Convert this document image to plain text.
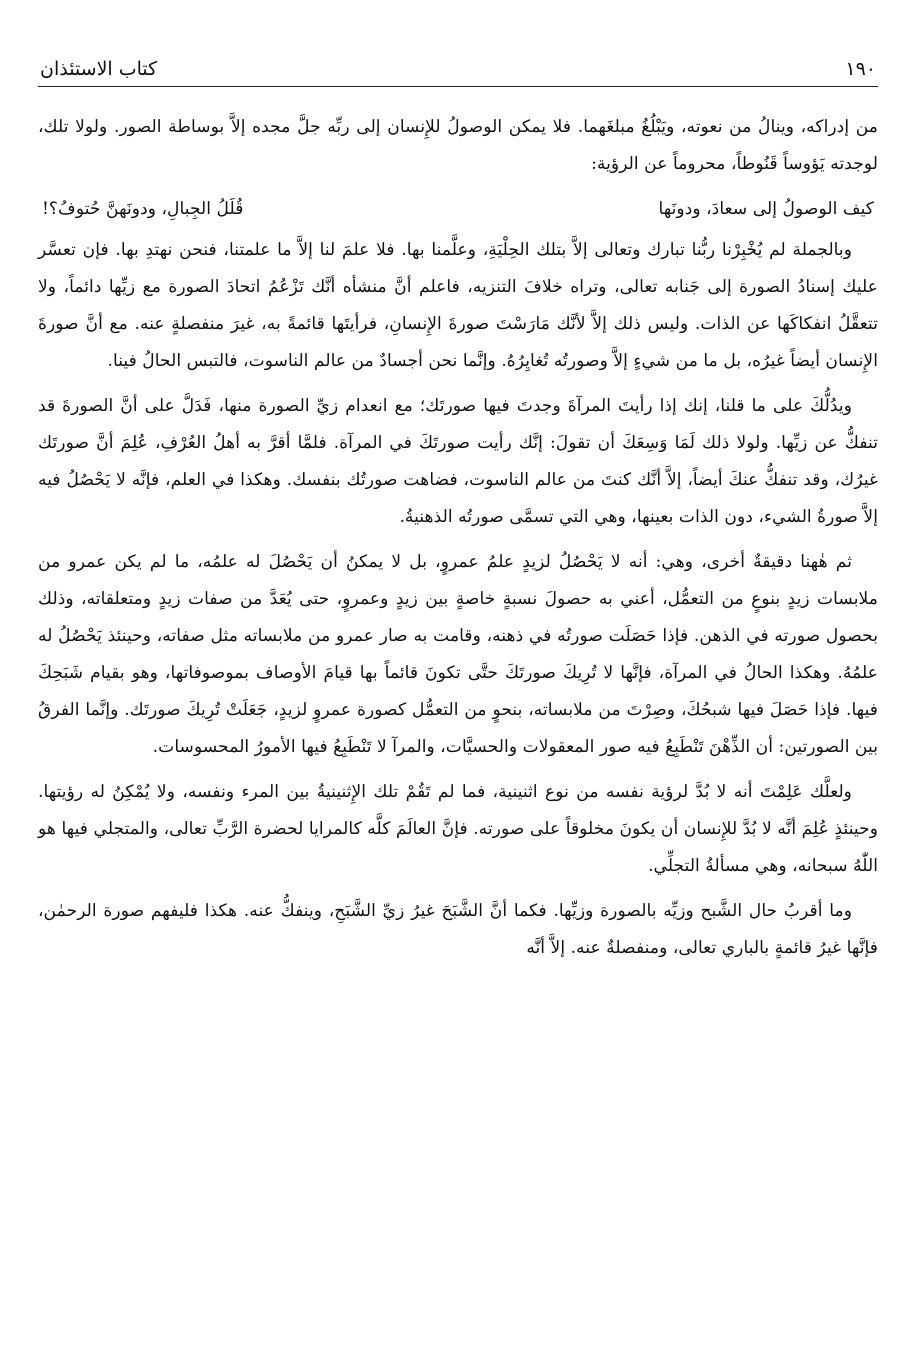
١٩٠
كتاب الاستئذان

من إدراكه، وينالُ من نعوته، ويَبْلُغُ مبلغَهما. فلا يمكن الوصولُ للإِنسان إلى ربِّه جلَّ مجده إلاَّ بوساطة الصور. ولولا تلك، لوجدته يَؤوساً قَنُوطاً، محروماً عن الرؤية:

كيف الوصولُ إلى سعادَ، ودونَها
قُلَلُ الجِبالِ، ودونَهنَّ حُتوفُ؟!

وبالجملة لم يُخْبِرْنا ربُّنا تبارك وتعالى إلاَّ بتلك الحِلْيَةِ، وعلَّمنا بها. فلا علمَ لنا إلاَّ ما علمتنا، فنحن نهتدِ بها. فإن تعسَّر عليك إسنادُ الصورة إلى جَنابه تعالى، وتراه خلافَ التنزيه، فاعلم أنَّ منشأه أنَّك تَزْعُمُ اتحادَ الصورة مع زيِّها دائماً، ولا تتعقَّلُ انفكاكَها عن الذات. وليس ذلك إلاَّ لأنَّك مَارَسْتَ صورةَ الإِنسانِ، فرأيتَها قائمةً به، غيرَ منفصلةٍ عنه. مع أنَّ صورةَ الإِنسان أيضاً غيرُه، بل ما من شيءٍ إلاَّ وصورتُه تُغايِرُهُ. وإنَّما نحن أجسادٌ من عالم الناسوت، فالتبس الحالُ فينا.

ويدُلُّكَ على ما قلنا، إنك إذا رأيتَ المرآةَ وجدتَ فيها صورتَك؛ مع انعدام زيِّ الصورة منها، فَدَلَّ على أنَّ الصورةَ قد تنفكُّ عن زيِّها. ولولا ذلك لَمَا وَسِعَكَ أن تقولَ: إنَّك رأيت صورتَكَ في المرآة. فلمَّا أقرَّ به أهلُ العُرْفِ، عُلِمَ أنَّ صورتَك غيرُك، وقد تنفكُّ عنكَ أيضاً، إلاَّ أنَّك كنتَ من عالم الناسوت، فضاهت صورتُك بنفسك. وهكذا في العلم، فإنَّه لا يَحْصُلُ فيه إلاَّ صورةُ الشيء، دون الذات بعينها، وهي التي تسمَّى صورتُه الذهنيةُ.

ثم هٰهنا دقيقةٌ أخرى، وهي: أنه لا يَحْصُلُ لزيدٍ علمُ عمروٍ، بل لا يمكنُ أن يَحْصُلَ له علمُه، ما لم يكن عمرو من ملابسات زيدٍ بنوعٍ من التعمُّل، أعني به حصولَ نسبةٍ خاصةٍ بين زيدٍ وعمروٍ، حتى يُعَدَّ من صفات زيدٍ ومتعلقاته، وذلك بحصول صورته في الذهن. فإذا حَصَلَت صورتُه في ذهنه، وقامت به صار عمرو من ملابساته مثل صفاته، وحينئذ يَحْصُلُ له علمُهُ. وهكذا الحالُ في المرآة، فإنَّها لا تُرِيكَ صورتَكَ حتَّى تكونَ قائماً بها قيامَ الأوصاف بموصوفاتها، وهو بقيام شَبَحِكَ فيها. فإذا حَصَلَ فيها شبحُكَ، وصِرْتَ من ملابساته، بنحوٍ من التعمُّل كصورة عمروٍ لزيدٍ، جَعَلَتْ تُرِيكَ صورتَك. وإنَّما الفرقُ بين الصورتين: أن الذِّهْنَ تَنْطَبِعُ فيه صور المعقولات والحسيَّات، والمرآ لا تَنْطَبِعُ فيها الأمورُ المحسوسات.

ولعلَّك عَلِمْتَ أنه لا بُدَّ لرؤية نفسه من نوع اثنينية، فما لم تَقُمْ تلك الإِثنينيةُ بين المرء ونفسه، ولا يُمْكِنُ له رؤيتها. وحينئذٍ عُلِمَ أنَّه لا بُدَّ للإِنسان أن يكونَ مخلوقاً على صورته. فإنَّ العالَمَ كلَّه كالمرايا لحضرة الرَّبِّ تعالى، والمتجلي فيها هو اللّٰهُ سبحانه، وهي مسألةُ التجلِّي.

وما أقربُ حال الشَّبح وزيِّه بالصورة وزيِّها. فكما أنَّ الشَّبَحَ غيرُ زيِّ الشَّبَحِ، وينفكُّ عنه. هكذا فليفهم صورة الرحمٰن، فإنَّها غيرُ قائمةٍ بالباري تعالى، ومنفصلةٌ عنه. إلاَّ أنَّه
